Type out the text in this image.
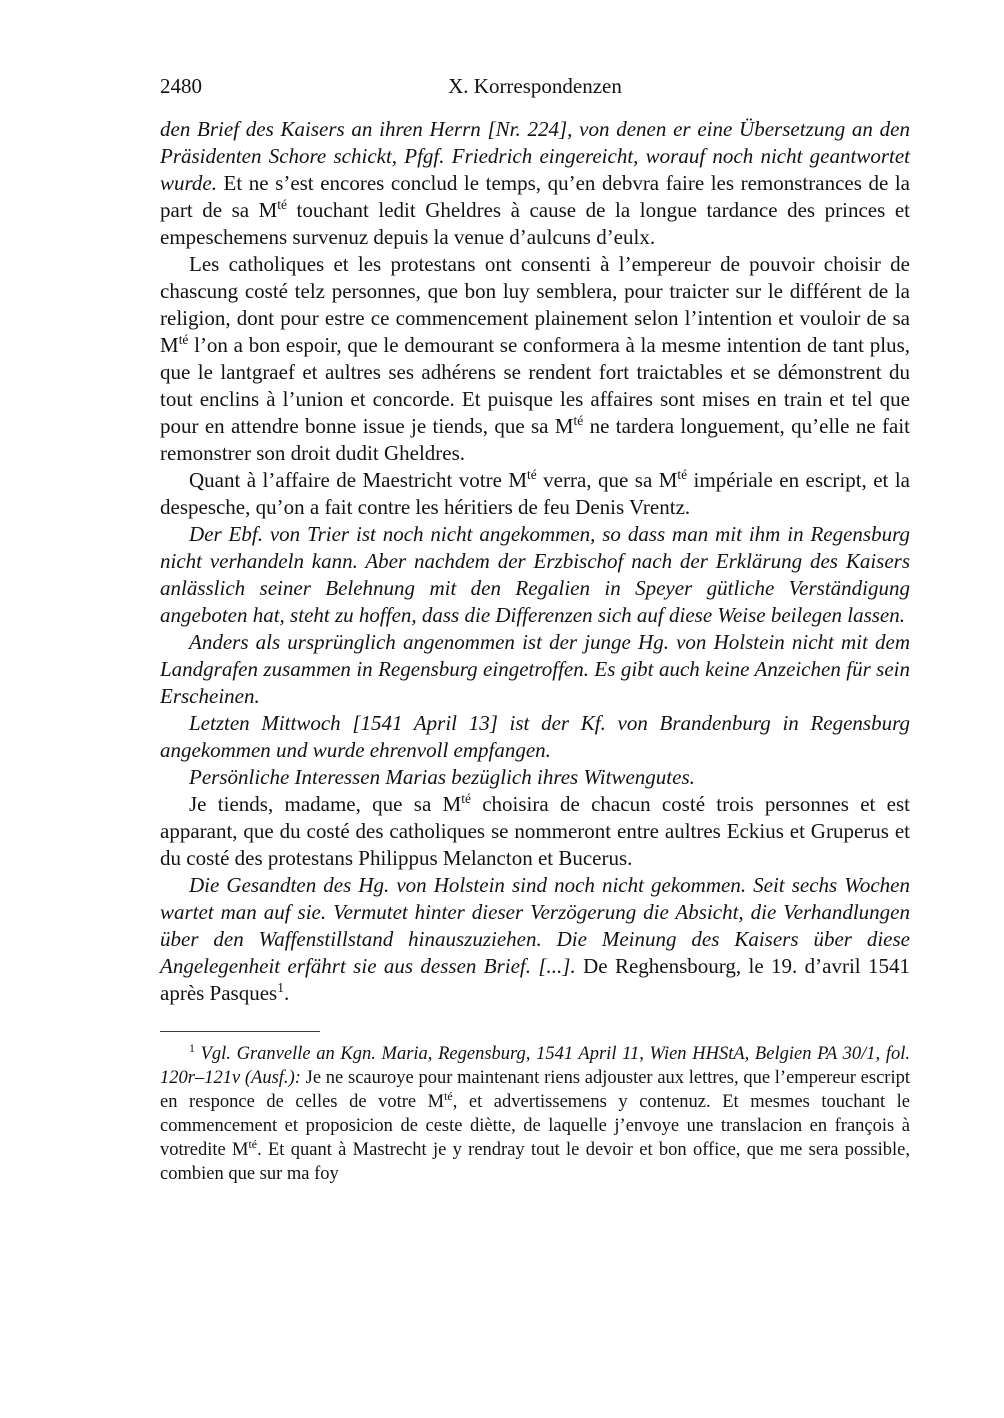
2480	X. Korrespondenzen

den Brief des Kaisers an ihren Herrn [Nr. 224], von denen er eine Übersetzung an den Präsidenten Schore schickt, Pfgf. Friedrich eingereicht, worauf noch nicht geantwortet wurde. Et ne s’est encores conclud le temps, qu’en debvra faire les remonstrances de la part de sa $M^{té}$ touchant ledit Gheldres à cause de la longue tardance des princes et empeschemens survenuz depuis la venue d’aulcuns d’eulx.

Les catholiques et les protestans ont consenti à l’empereur de pouvoir choisir de chascung costé telz personnes, que bon luy semblera, pour traicter sur le différent de la religion, dont pour estre ce commencement plainement selon l’intention et vouloir de sa $M^{té}$ l’on a bon espoir, que le demourant se conformera à la mesme intention de tant plus, que le lantgraef et aultres ses adhérens se rendent fort traictables et se démonstrent du tout enclins à l’union et concorde. Et puisque les affaires sont mises en train et tel que pour en attendre bonne issue je tiends, que sa $M^{té}$ ne tardera longuement, qu’elle ne fait remonstrer son droit dudit Gheldres.

Quant à l’affaire de Maestricht votre $M^{té}$ verra, que sa $M^{té}$ impériale en escript, et la despesche, qu’on a fait contre les héritiers de feu Denis Vrentz.

Der Ebf. von Trier ist noch nicht angekommen, so dass man mit ihm in Regensburg nicht verhandeln kann. Aber nachdem der Erzbischof nach der Erklärung des Kaisers anlässlich seiner Belehnung mit den Regalien in Speyer gütliche Verständigung angeboten hat, steht zu hoffen, dass die Differenzen sich auf diese Weise beilegen lassen.

Anders als ursprünglich angenommen ist der junge Hg. von Holstein nicht mit dem Landgrafen zusammen in Regensburg eingetroffen. Es gibt auch keine Anzeichen für sein Erscheinen.

Letzten Mittwoch [1541 April 13] ist der Kf. von Brandenburg in Regensburg angekommen und wurde ehrenvoll empfangen.

Persönliche Interessen Marias bezüglich ihres Witwengutes.

Je tiends, madame, que sa $M^{té}$ choisira de chacun costé trois personnes et est apparant, que du costé des catholiques se nommeront entre aultres Eckius et Gruperus et du costé des protestans Philippus Melancton et Bucerus.

Die Gesandten des Hg. von Holstein sind noch nicht gekommen. Seit sechs Wochen wartet man auf sie. Vermutet hinter dieser Verzögerung die Absicht, die Verhandlungen über den Waffenstillstand hinauszuziehen. Die Meinung des Kaisers über diese Angelegenheit erfährt sie aus dessen Brief. [...]. De Reghensbourg, le 19. d’avril 1541 après Pasques$^1$.

$^1$ Vgl. Granvelle an Kgn. Maria, Regensburg, 1541 April 11, Wien HHStA, Belgien PA 30/1, fol. 120r–121v (Ausf.): Je ne scauroye pour maintenant riens adjouster aux lettres, que l’empereur escript en responce de celles de votre $M^{té}$, et advertissemens y contenuz. Et mesmes touchant le commencement et proposicion de ceste diètte, de laquelle j’envoye une translacion en françois à votredite $M^{té}$. Et quant à Mastrecht je y rendray tout le devoir et bon office, que me sera possible, combien que sur ma foy
